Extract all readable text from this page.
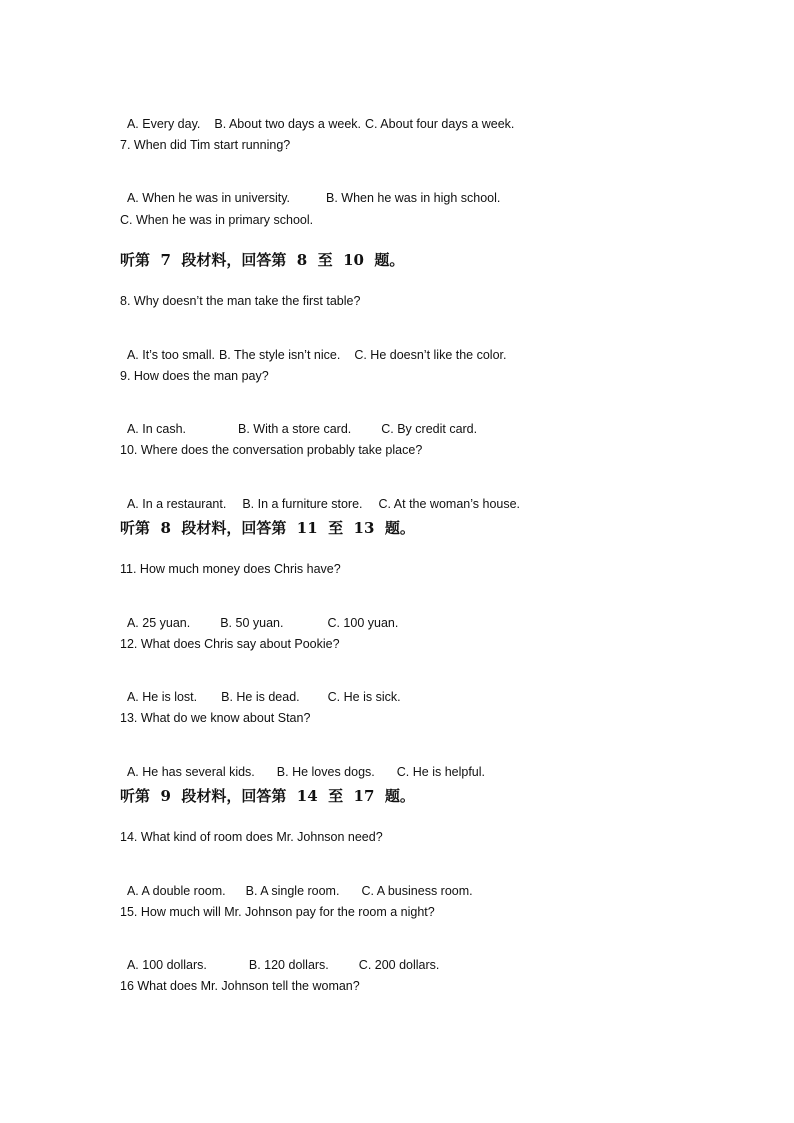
A. Every day. B. About two days a week. C. About four days a week.

7. When did Tim start running?

A. When he was in university.	B. When he was in high school.

C. When he was in primary school.
听第  7  段材料，回答第  8  至  10  题。
8. Why doesn’t the man take the first table?

A. It’s too small. B. The style isn’t nice. C. He doesn’t like the color.

9. How does the man pay?

A. In cash.	B. With a store card. C. By credit card.

10. Where does the conversation probably take place?

A. In a restaurant. B. In a furniture store. C. At the woman’s house.

听第  8  段材料，回答第  11  至  13  题。
11. How much money does Chris have?

A. 25 yuan. B. 50 yuan.	C. 100 yuan.

12. What does Chris say about Pookie?

A. He is lost. B. He is dead. C. He is sick.

13. What do we know about Stan?

A. He has several kids. B. He loves dogs. C. He is helpful.

听第  9  段材料，回答第  14  至  17  题。
14. What kind of room does Mr. Johnson need?

A. A double room. B. A single room. C. A business room.

15. How much will Mr. Johnson pay for the room a night?

A. 100 dollars.	B. 120 dollars. C. 200 dollars.

16 What does Mr. Johnson tell the woman?
